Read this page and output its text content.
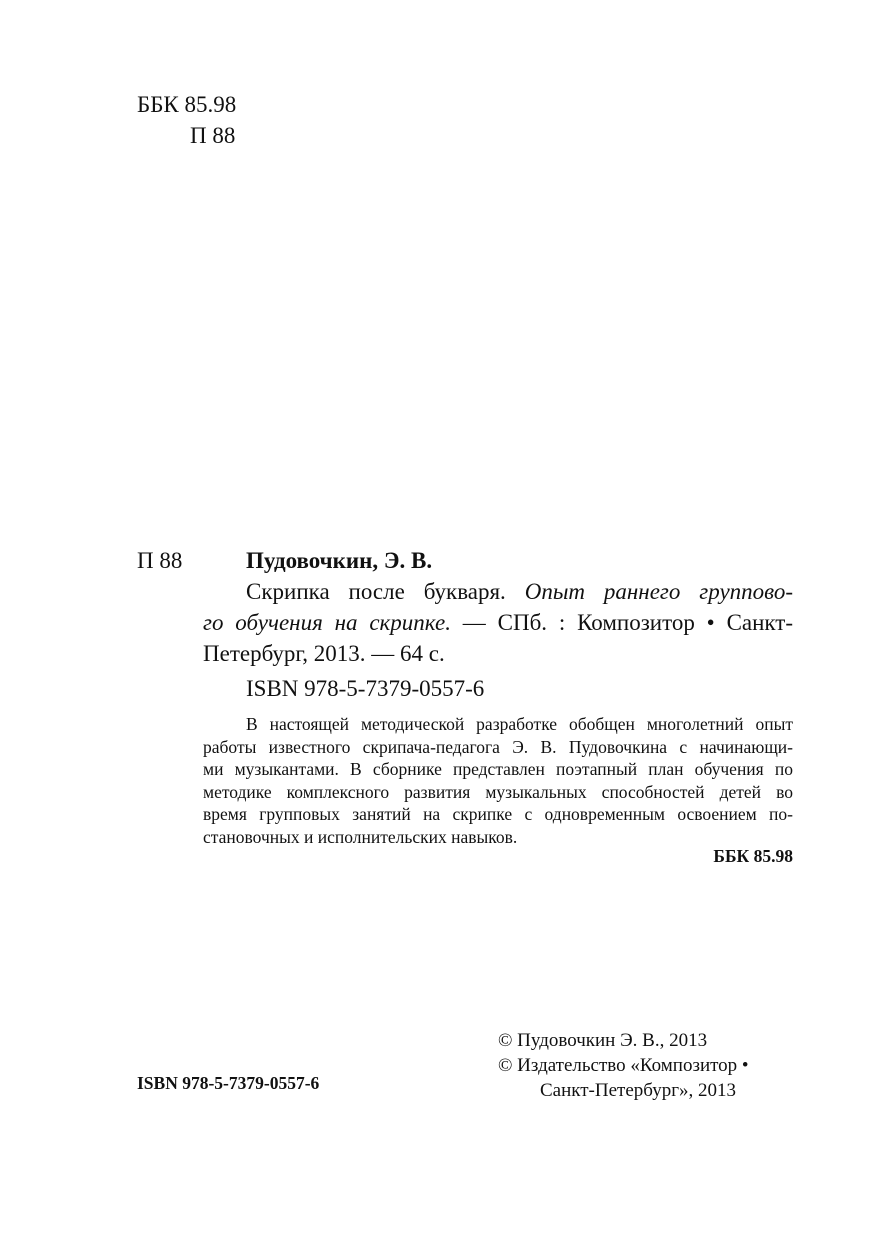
ББК 85.98
П 88
П 88	Пудовочкин, Э. В.
Скрипка после букваря. Опыт раннего группово-
го обучения на скрипке. — СПб. : Композитор • Санкт-
Петербург, 2013. — 64 с.
ISBN 978-5-7379-0557-6
В настоящей методической разработке обобщен многолетний опыт
работы известного скрипача-педагога Э. В. Пудовочкина с начинающи-
ми музыкантами. В сборнике представлен поэтапный план обучения по
методике комплексного развития музыкальных способностей детей во
время групповых занятий на скрипке с одновременным освоением по-
становочных и исполнительских навыков.
ББК 85.98
ISBN 978-5-7379-0557-6
© Пудовочкин Э. В., 2013
© Издательство «Композитор •
Санкт-Петербург», 2013
